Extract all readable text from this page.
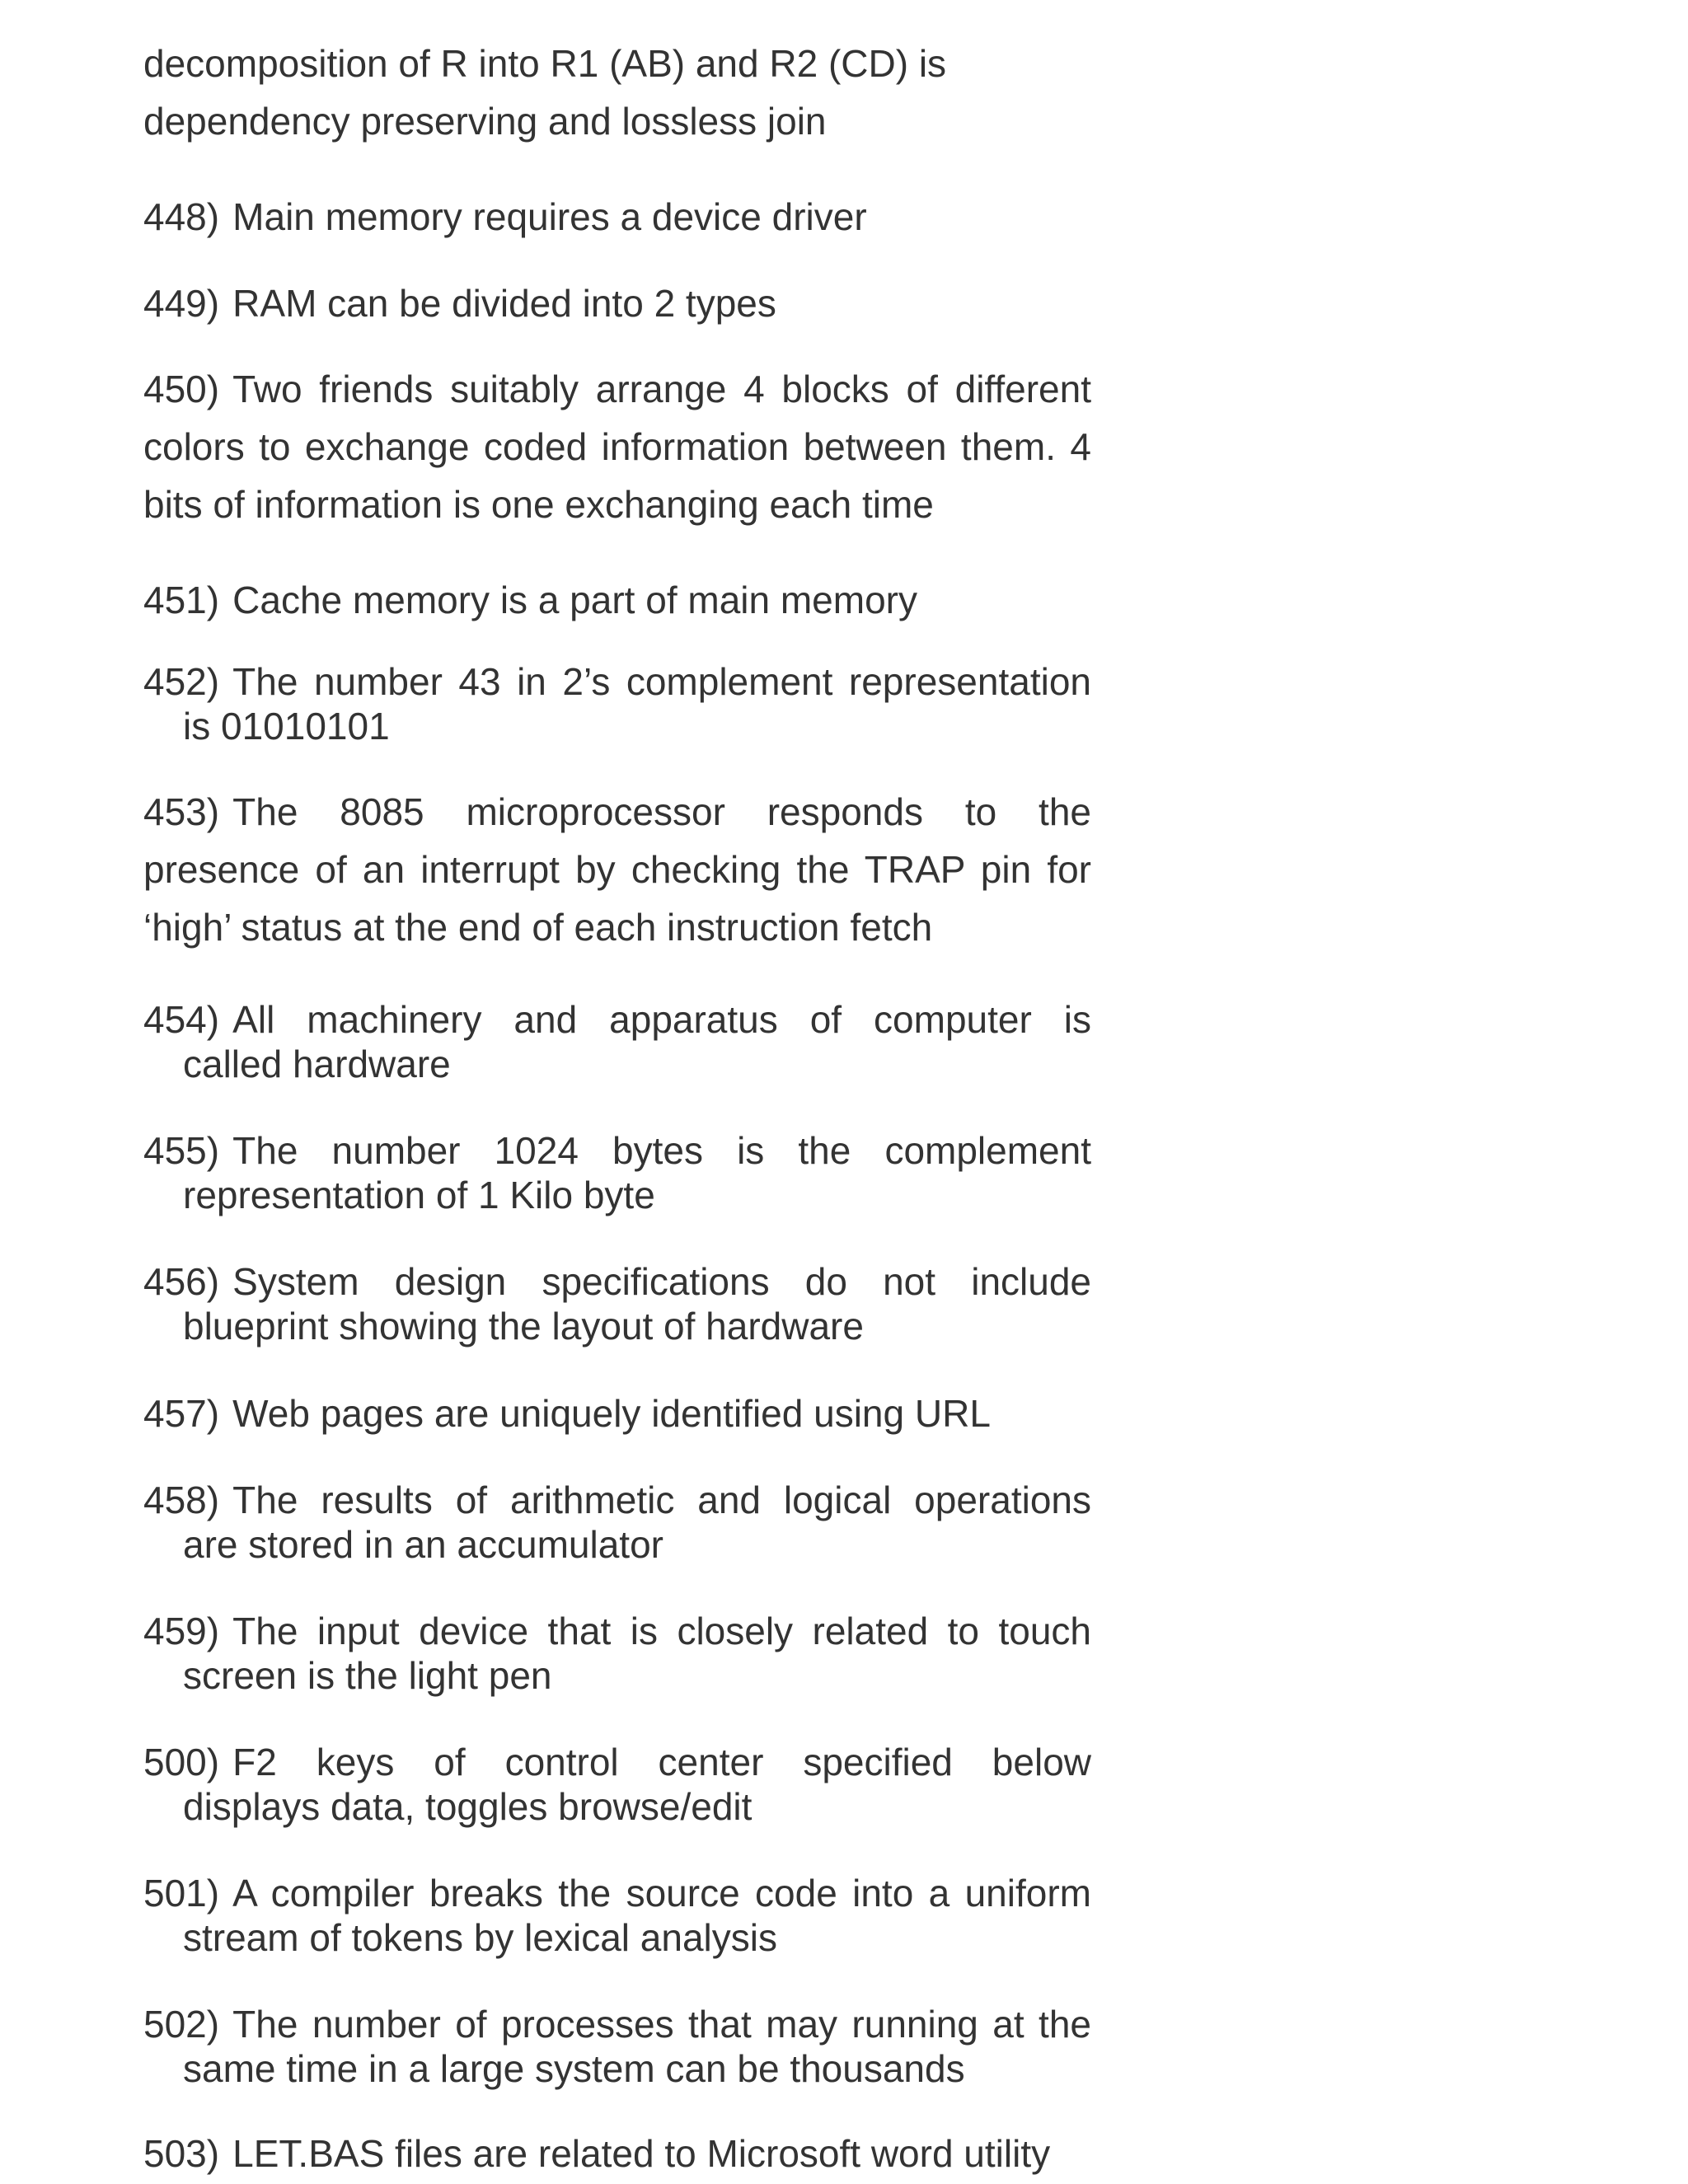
decomposition of R into R1 (AB) and R2 (CD) is
dependency preserving and lossless join
448) Main memory requires a device driver
449) RAM can be divided into 2 types
450) Two friends suitably arrange 4 blocks of different
colors to exchange coded information between them. 4
bits of information is one exchanging each time
451) Cache memory is a part of main memory
452) The number 43 in 2’s complement representation
is 01010101
453) The 8085 microprocessor responds to the
presence of an interrupt by checking the TRAP pin for
‘high’ status at the end of each instruction fetch
454) All machinery and apparatus of computer is
called hardware
455) The number 1024 bytes is the complement
representation of 1 Kilo byte
456) System design specifications do not include
blueprint showing the layout of hardware
457) Web pages are uniquely identified using URL
458) The results of arithmetic and logical operations
are stored in an accumulator
459) The input device that is closely related to touch
screen is the light pen
500) F2 keys of control center specified below
displays data, toggles browse/edit
501) A compiler breaks the source code into a uniform
stream of tokens by lexical analysis
502) The number of processes that may running at the
same time in a large system can be thousands
503) LET.BAS files are related to Microsoft word utility
